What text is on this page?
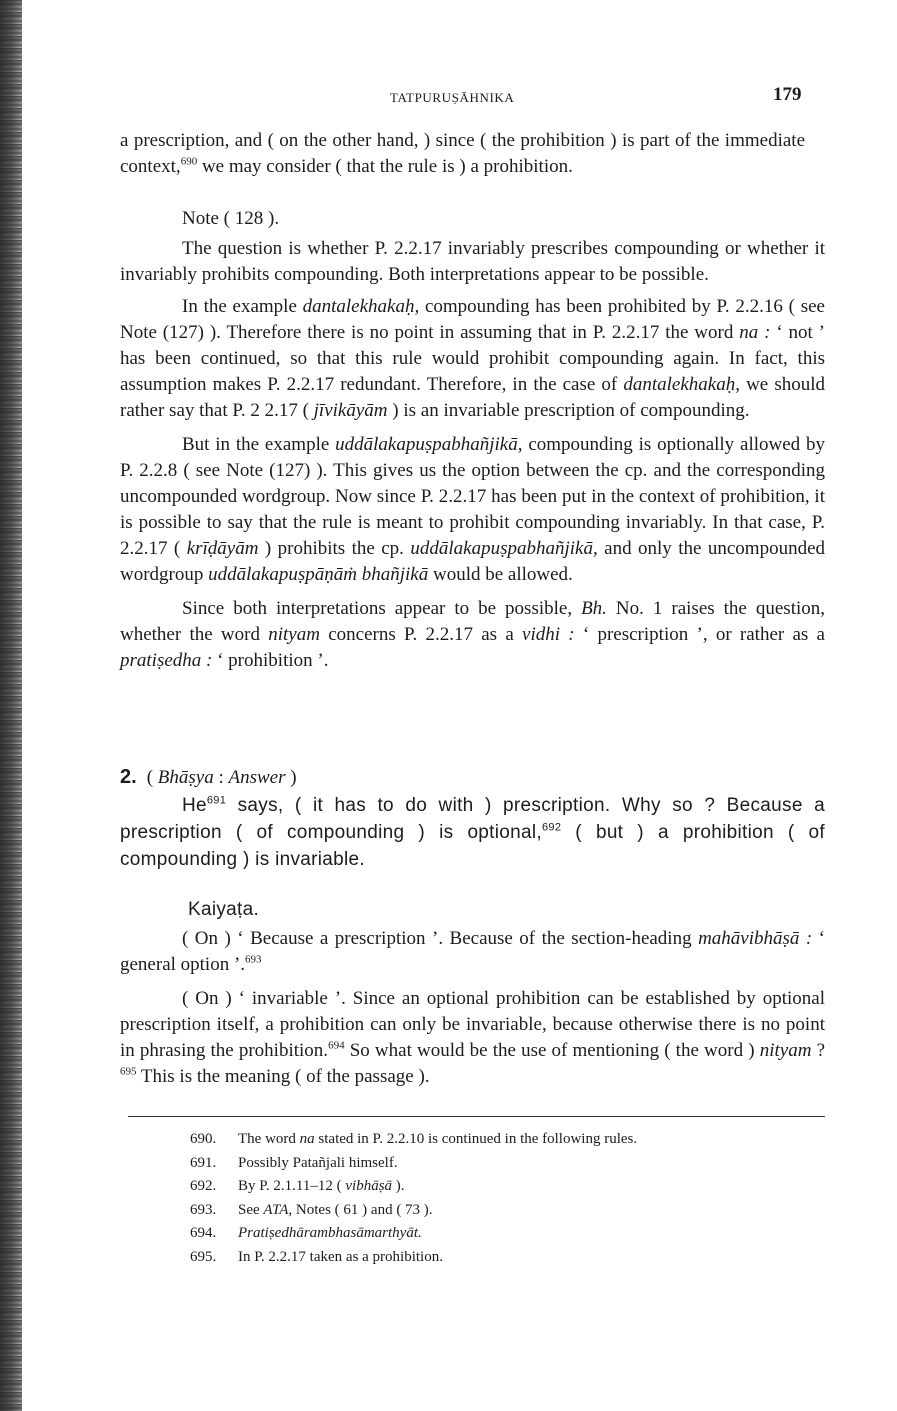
TATPURUṢĀHNIKA	179

a prescription, and ( on the other hand, ) since ( the prohibition ) is part of the immediate context,$^{690}$ we may consider ( that the rule is ) a prohibition.

Note ( 128 ).

The question is whether P. 2.2.17 invariably prescribes compounding or whether it invariably prohibits compounding. Both interpretations appear to be possible.

In the example dantalekhakaḥ, compounding has been prohibited by P. 2.2.16 ( see Note (127) ). Therefore there is no point in assuming that in P. 2.2.17 the word na : ‘ not ’ has been continued, so that this rule would prohibit compounding again. In fact, this assumption makes P. 2.2.17 redundant. Therefore, in the case of dantalekhakaḥ, we should rather say that P. 2 2.17 ( jīvikāyām ) is an invariable prescription of compounding.

But in the example uddālakapuṣpabhañjikā, compounding is optionally allowed by P. 2.2.8 ( see Note (127) ). This gives us the option between the cp. and the corresponding uncompounded wordgroup. Now since P. 2.2.17 has been put in the context of prohibition, it is possible to say that the rule is meant to prohibit compounding invariably. In that case, P. 2.2.17 ( krīḍāyām ) prohibits the cp. uddālakapuṣpabhañjikā, and only the uncompounded wordgroup uddālakapuṣpāṇāṁ bhañjikā would be allowed.

Since both interpretations appear to be possible, Bh. No. 1 raises the question, whether the word nityam concerns P. 2.2.17 as a vidhi : ‘ prescription ’, or rather as a pratiṣedha : ‘ prohibition ’.

2. ( Bhāṣya : Answer )

He$^{691}$ says, ( it has to do with ) prescription. Why so ? Because a prescription ( of compounding ) is optional,$^{692}$ ( but ) a prohibition ( of compounding ) is invariable.

Kaiyaṭa.

( On ) ‘ Because a prescription ’. Because of the section-heading mahāvibhāṣā : ‘ general option ’.$^{693}$

( On ) ‘ invariable ’. Since an optional prohibition can be established by optional prescription itself, a prohibition can only be invariable, because otherwise there is no point in phrasing the prohibition.$^{694}$ So what would be the use of mentioning ( the word ) nityam ?$^{695}$ This is the meaning ( of the passage ).

690. The word na stated in P. 2.2.10 is continued in the following rules.
691. Possibly Patañjali himself.
692. By P. 2.1.11–12 ( vibhāṣā ).
693. See ATA, Notes ( 61 ) and ( 73 ).
694. Pratiṣedhārambhasāmarthyāt.
695. In P. 2.2.17 taken as a prohibition.
